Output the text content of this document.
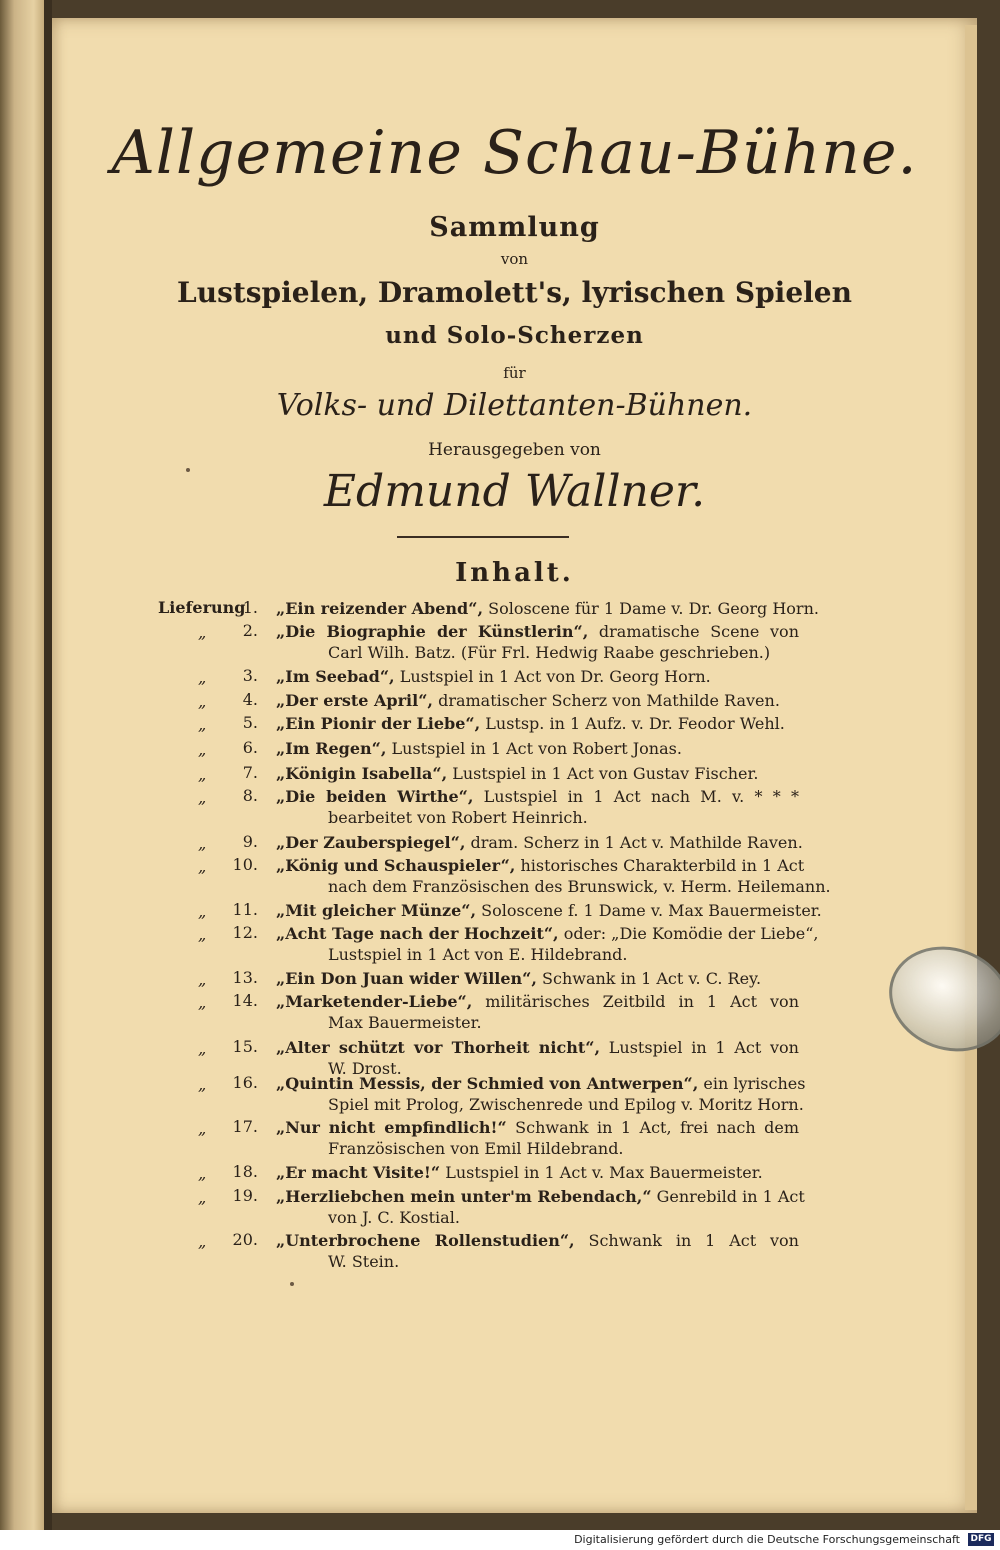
Allgemeine Schau-Bühne.
Sammlung
von
Lustspielen, Dramolett's, lyrischen Spielen
und Solo-Scherzen
für
Volks- und Dilettanten-Bühnen.
Herausgegeben von
Edmund Wallner.
Inhalt.
Lieferung
1. „Ein reizender Abend“, Soloscene für 1 Dame v. Dr. Georg Horn.
„	2. „Die Biographie der Künstlerin“, dramatische Scene von
Carl Wilh. Batz. (Für Frl. Hedwig Raabe geschrieben.)
„	3. „Im Seebad“, Lustspiel in 1 Act von Dr. Georg Horn.
„	4. „Der erste April“, dramatischer Scherz von Mathilde Raven.
„	5. „Ein Pionir der Liebe“, Lustsp. in 1 Aufz. v. Dr. Feodor Wehl.
„	6. „Im Regen“, Lustspiel in 1 Act von Robert Jonas.
„	7. „Königin Isabella“, Lustspiel in 1 Act von Gustav Fischer.
„	8. „Die beiden Wirthe“, Lustspiel in 1 Act nach M. v. * * *
bearbeitet von Robert Heinrich.
„	9. „Der Zauberspiegel“, dram. Scherz in 1 Act v. Mathilde Raven.
„	10. „König und Schauspieler“, historisches Charakterbild in 1 Act
nach dem Französischen des Brunswick, v. Herm. Heilemann.
„	11. „Mit gleicher Münze“, Soloscene f. 1 Dame v. Max Bauermeister.
„	12. „Acht Tage nach der Hochzeit“, oder: „Die Komödie der Liebe“,
Lustspiel in 1 Act von E. Hildebrand.
„	13. „Ein Don Juan wider Willen“, Schwank in 1 Act v. C. Rey.
„	14. „Marketender-Liebe“, militärisches Zeitbild in 1 Act von
Max Bauermeister.
„	15. „Alter schützt vor Thorheit nicht“, Lustspiel in 1 Act von
W. Drost.
„	16. „Quintin Messis, der Schmied von Antwerpen“, ein lyrisches
Spiel mit Prolog, Zwischenrede und Epilog v. Moritz Horn.
„	17. „Nur nicht empfindlich!“ Schwank in 1 Act, frei nach dem
Französischen von Emil Hildebrand.
„	18. „Er macht Visite!“ Lustspiel in 1 Act v. Max Bauermeister.
„	19. „Herzliebchen mein unter'm Rebendach,“ Genrebild in 1 Act
von J. C. Kostial.
„	20. „Unterbrochene Rollenstudien“, Schwank in 1 Act von
W. Stein.
Digitalisierung gefördert durch die Deutsche Forschungsgemeinschaft DFG
